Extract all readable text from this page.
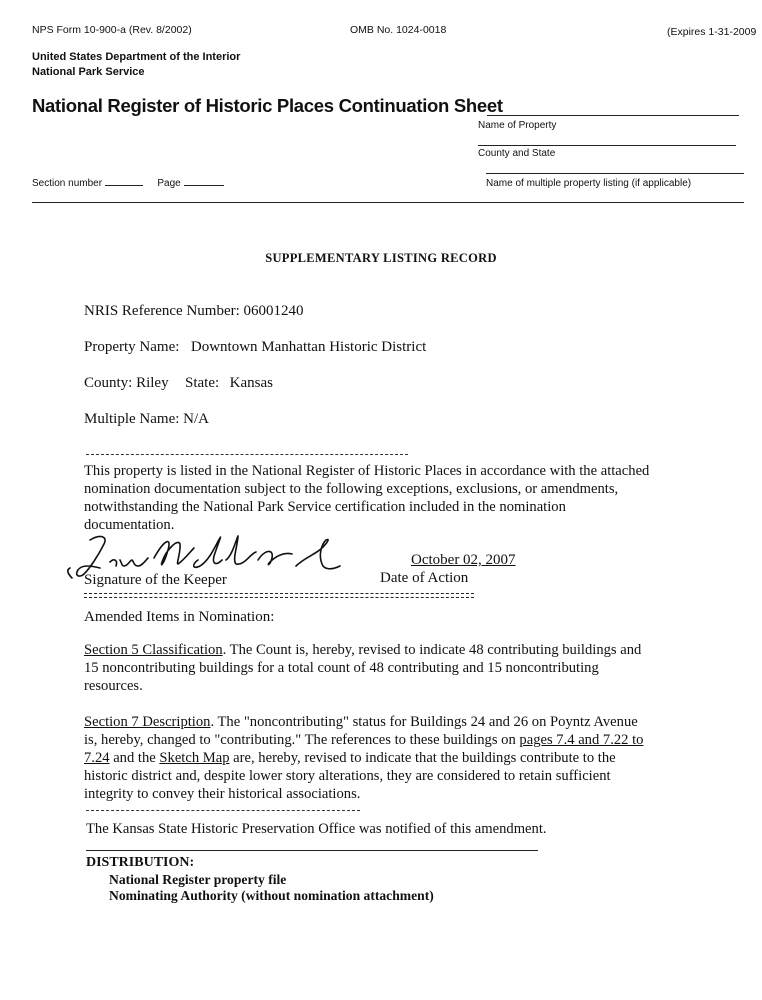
NPS Form 10-900-a (Rev. 8/2002)	OMB No. 1024-0018	(Expires 1-31-2009
United States Department of the Interior
National Park Service
National Register of Historic Places Continuation Sheet
Name of Property
County and State
Section number	Page	Name of multiple property listing (if applicable)
SUPPLEMENTARY LISTING RECORD
NRIS Reference Number: 06001240
Property Name: Downtown Manhattan Historic District
County: Riley State: Kansas
Multiple Name: N/A
This property is listed in the National Register of Historic Places in accordance with the attached
nomination documentation subject to the following exceptions, exclusions, or amendments,
notwithstanding the National Park Service certification included in the nomination
documentation.
October 02, 2007
Signature of the Keeper	Date of Action
Amended Items in Nomination:
Section 5 Classification. The Count is, hereby, revised to indicate 48 contributing buildings and
15 noncontributing buildings for a total count of 48 contributing and 15 noncontributing
resources.
Section 7 Description. The "noncontributing" status for Buildings 24 and 26 on Poyntz Avenue
is, hereby, changed to "contributing." The references to these buildings on pages 7.4 and 7.22 to
7.24 and the Sketch Map are, hereby, revised to indicate that the buildings contribute to the
historic district and, despite lower story alterations, they are considered to retain sufficient
integrity to convey their historical associations.
The Kansas State Historic Preservation Office was notified of this amendment.
DISTRIBUTION:
National Register property file
Nominating Authority (without nomination attachment)
